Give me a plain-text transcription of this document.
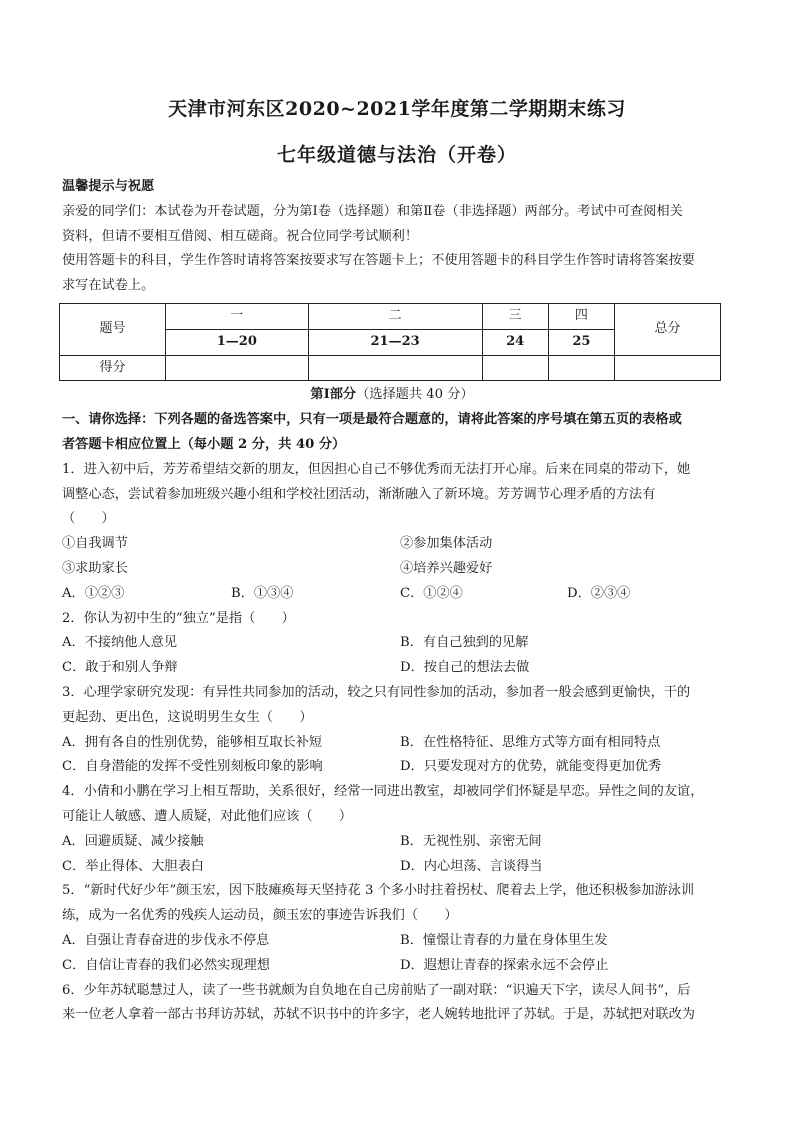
天津市河东区2020~2021学年度第二学期期末练习
七年级道德与法治（开卷）

温馨提示与祝愿

亲爱的同学们：本试卷为开卷试题，分为第Ⅰ卷（选择题）和第Ⅱ卷（非选择题）两部分。考试中可查阅相关

资料，但请不要相互借阅、相互磋商。祝合位同学考试顺利！

使用答题卡的科目，学生作答时请将答案按要求写在答题卡上；不使用答题卡的科目学生作答时请将答案按要

求写在试卷上。

题号	一	二	三	四	总分
	1—20	21—23	24	25	
得分					

第Ⅰ部分（选择题共 40 分）

一、请你选择：下列各题的备选答案中，只有一项是最符合题意的，请将此答案的序号填在第五页的表格或

者答题卡相应位置上（每小题 2 分，共 40 分）

1．进入初中后，芳芳希望结交新的朋友，但因担心自己不够优秀而无法打开心扉。后来在同桌的带动下，她

调整心态，尝试着参加班级兴趣小组和学校社团活动，渐渐融入了新环境。芳芳调节心理矛盾的方法有

（　　）

①自我调节	②参加集体活动
③求助家长	④培养兴趣爱好
A．①②③	B．①③④	C．①②④	D．②③④

2．你认为初中生的“独立”是指（　　）

A．不接纳他人意见	B．有自己独到的见解
C．敢于和别人争辩	D．按自己的想法去做

3．心理学家研究发现：有异性共同参加的活动，较之只有同性参加的活动，参加者一般会感到更愉快，干的

更起劲、更出色，这说明男生女生（　　）

A．拥有各自的性别优势，能够相互取长补短	B．在性格特征、思维方式等方面有相同特点
C．自身潜能的发挥不受性别刻板印象的影响	D．只要发现对方的优势，就能变得更加优秀

4．小倩和小鹏在学习上相互帮助，关系很好，经常一同进出教室，却被同学们怀疑是早恋。异性之间的友谊，

可能让人敏感、遭人质疑，对此他们应该（　　）

A．回避质疑、减少接触	B．无视性别、亲密无间
C．举止得体、大胆表白	D．内心坦荡、言谈得当

5．“新时代好少年”颜玉宏，因下肢瘫痪每天坚持花 3 个多小时拄着拐杖、爬着去上学，他还积极参加游泳训

练，成为一名优秀的残疾人运动员，颜玉宏的事迹告诉我们（　　）

A．自强让青春奋进的步伐永不停息	B．憧憬让青春的力量在身体里生发
C．自信让青春的我们必然实现理想	D．遐想让青春的探索永远不会停止

6．少年苏轼聪慧过人，读了一些书就颇为自负地在自己房前贴了一副对联：“识遍天下字，读尽人间书”，后

来一位老人拿着一部古书拜访苏轼，苏轼不识书中的许多字，老人婉转地批评了苏轼。于是，苏轼把对联改为
